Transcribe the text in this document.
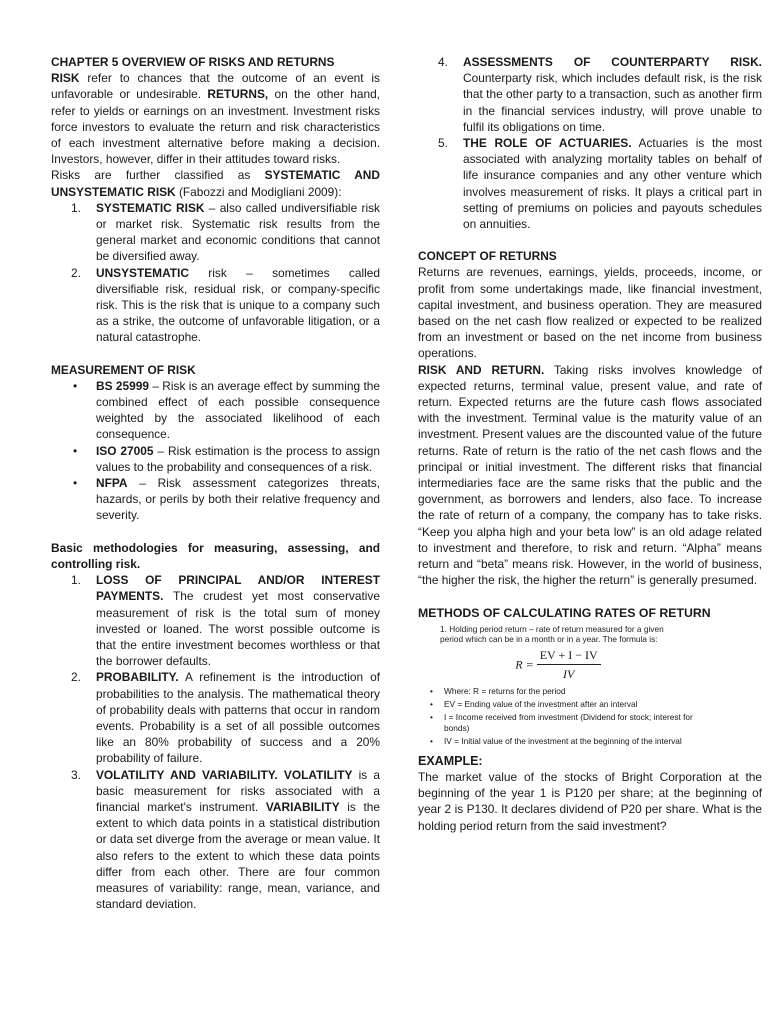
CHAPTER 5 OVERVIEW OF RISKS AND RETURNS

RISK refer to chances that the outcome of an event is unfavorable or undesirable. RETURNS, on the other hand, refer to yields or earnings on an investment. Investment risks force investors to evaluate the return and risk characteristics of each investment alternative before making a decision. Investors, however, differ in their attitudes toward risks.

Risks are further classified as SYSTEMATIC AND UNSYSTEMATIC RISK (Fabozzi and Modigliani 2009):

1. SYSTEMATIC RISK – also called undiversifiable risk or market risk. Systematic risk results from the general market and economic conditions that cannot be diversified away.
2. UNSYSTEMATIC risk – sometimes called diversifiable risk, residual risk, or company-specific risk. This is the risk that is unique to a company such as a strike, the outcome of unfavorable litigation, or a natural catastrophe.

MEASUREMENT OF RISK

• BS 25999 – Risk is an average effect by summing the combined effect of each possible consequence weighted by the associated likelihood of each consequence.
• ISO 27005 – Risk estimation is the process to assign values to the probability and consequences of a risk.
• NFPA – Risk assessment categorizes threats, hazards, or perils by both their relative frequency and severity.

Basic methodologies for measuring, assessing, and controlling risk.

1. LOSS OF PRINCIPAL AND/OR INTEREST PAYMENTS. The crudest yet most conservative measurement of risk is the total sum of money invested or loaned. The worst possible outcome is that the entire investment becomes worthless or that the borrower defaults.
2. PROBABILITY. A refinement is the introduction of probabilities to the analysis. The mathematical theory of probability deals with patterns that occur in random events. Probability is a set of all possible outcomes like an 80% probability of success and a 20% probability of failure.
3. VOLATILITY AND VARIABILITY. VOLATILITY is a basic measurement for risks associated with a financial market's instrument. VARIABILITY is the extent to which data points in a statistical distribution or data set diverge from the average or mean value. It also refers to the extent to which these data points differ from each other. There are four common measures of variability: range, mean, variance, and standard deviation.
4. ASSESSMENTS OF COUNTERPARTY RISK. Counterparty risk, which includes default risk, is the risk that the other party to a transaction, such as another firm in the financial services industry, will prove unable to fulfil its obligations on time.
5. THE ROLE OF ACTUARIES. Actuaries is the most associated with analyzing mortality tables on behalf of life insurance companies and any other venture which involves measurement of risks. It plays a critical part in setting of premiums on policies and payouts schedules on annuities.

CONCEPT OF RETURNS

Returns are revenues, earnings, yields, proceeds, income, or profit from some undertakings made, like financial investment, capital investment, and business operation. They are measured based on the net cash flow realized or expected to be realized from an investment or based on the net income from business operations.

RISK AND RETURN. Taking risks involves knowledge of expected returns, terminal value, present value, and rate of return. Expected returns are the future cash flows associated with the investment. Terminal value is the maturity value of an investment. Present values are the discounted value of the future returns. Rate of return is the ratio of the net cash flows and the principal or initial investment. The different risks that financial intermediaries face are the same risks that the public and the government, as borrowers and lenders, also face. To increase the rate of return of a company, the company has to take risks. “Keep you alpha high and your beta low” is an old adage related to investment and therefore, to risk and return. “Alpha” means return and “beta” means risk. However, in the world of business, “the higher the risk, the higher the return” is generally presumed.

METHODS OF CALCULATING RATES OF RETURN

1. Holding period return – rate of return measured for a given period which can be in a month or in a year. The formula is:

$R = \frac{EV + I - IV}{IV}$
• Where: R = returns for the period
• EV = Ending value of the investment after an interval
• I = Income received from investment (Dividend for stock; interest for bonds)
• IV = Initial value of the investment at the beginning of the interval

EXAMPLE:

The market value of the stocks of Bright Corporation at the beginning of the year 1 is P120 per share; at the beginning of year 2 is P130. It declares dividend of P20 per share. What is the holding period return from the said investment?
